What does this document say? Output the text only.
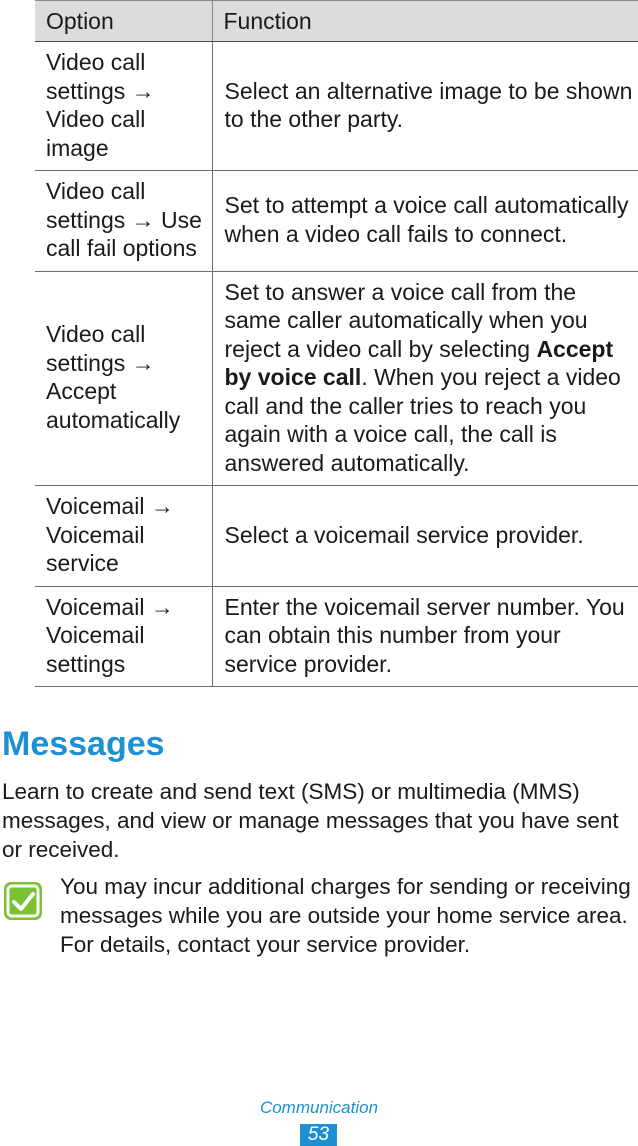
Option	Function
Video call settings → Video call image	Select an alternative image to be shown to the other party.

Video call settings → Use call fail options	Set to attempt a voice call automatically when a video call fails to connect.

Video call settings → Accept automatically	Set to answer a voice call from the same caller automatically when you reject a video call by selecting Accept by voice call. When you reject a video call and the caller tries to reach you again with a voice call, the call is answered automatically.
Voicemail → Voicemail service	Select a voicemail service provider.

Voicemail → Voicemail settings	Enter the voicemail server number. You can obtain this number from your service provider.
Messages

Learn to create and send text (SMS) or multimedia (MMS) messages, and view or manage messages that you have sent or received.

You may incur additional charges for sending or receiving messages while you are outside your home service area. For details, contact your service provider.

Communication
53
